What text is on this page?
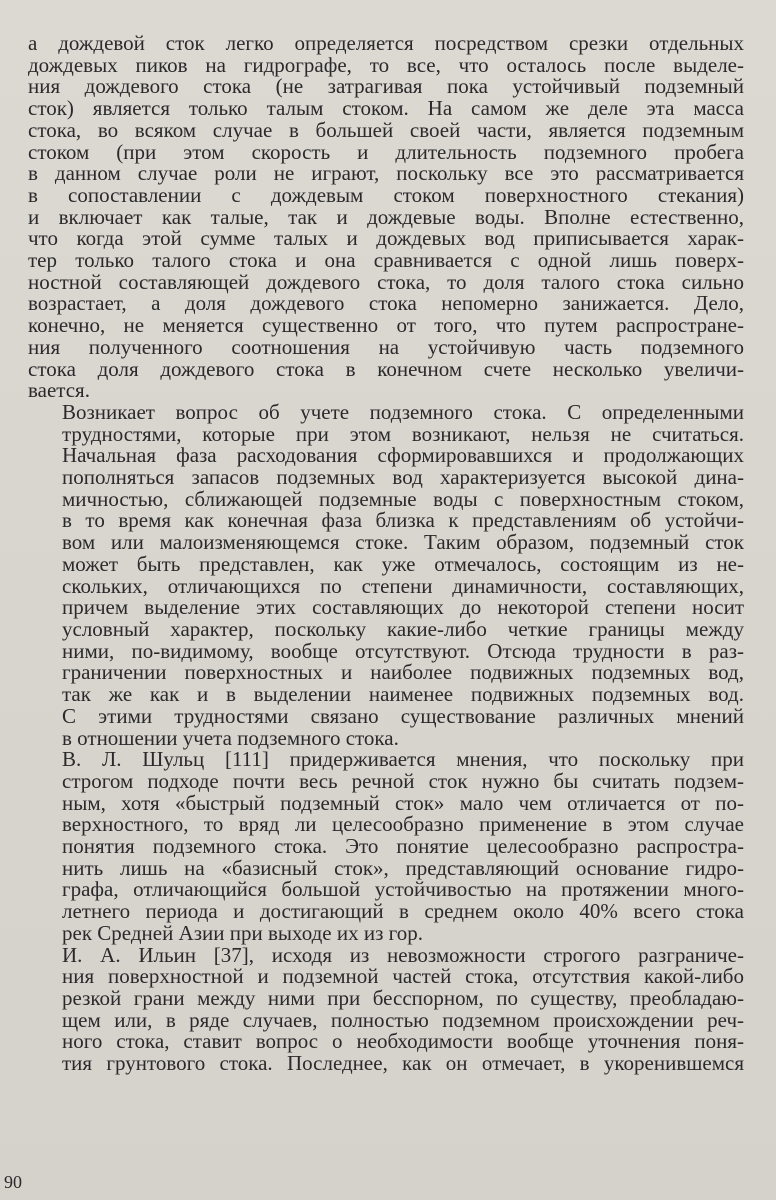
а дождевой сток легко определяется посредством срезки отдельных
дождевых пиков на гидрографе, то все, что осталось после выделе-
ния дождевого стока (не затрагивая пока устойчивый подземный
сток) является только талым стоком. На самом же деле эта масса
стока, во всяком случае в большей своей части, является подземным
стоком (при этом скорость и длительность подземного пробега
в данном случае роли не играют, поскольку все это рассматривается
в сопоставлении с дождевым стоком поверхностного стекания)
и включает как талые, так и дождевые воды. Вполне естественно,
что когда этой сумме талых и дождевых вод приписывается харак-
тер только талого стока и она сравнивается с одной лишь поверх-
ностной составляющей дождевого стока, то доля талого стока сильно
возрастает, а доля дождевого стока непомерно занижается. Дело,
конечно, не меняется существенно от того, что путем распростране-
ния полученного соотношения на устойчивую часть подземного
стока доля дождевого стока в конечном счете несколько увеличи-
вается.

Возникает вопрос об учете подземного стока. С определенными
трудностями, которые при этом возникают, нельзя не считаться.
Начальная фаза расходования сформировавшихся и продолжающих
пополняться запасов подземных вод характеризуется высокой дина-
мичностью, сближающей подземные воды с поверхностным стоком,
в то время как конечная фаза близка к представлениям об устойчи-
вом или малоизменяющемся стоке. Таким образом, подземный сток
может быть представлен, как уже отмечалось, состоящим из не-
скольких, отличающихся по степени динамичности, составляющих,
причем выделение этих составляющих до некоторой степени носит
условный характер, поскольку какие-либо четкие границы между
ними, по-видимому, вообще отсутствуют. Отсюда трудности в раз-
граничении поверхностных и наиболее подвижных подземных вод,
так же как и в выделении наименее подвижных подземных вод.
С этими трудностями связано существование различных мнений
в отношении учета подземного стока.

В. Л. Шульц [111] придерживается мнения, что поскольку при
строгом подходе почти весь речной сток нужно бы считать подзем-
ным, хотя «быстрый подземный сток» мало чем отличается от по-
верхностного, то вряд ли целесообразно применение в этом случае
понятия подземного стока. Это понятие целесообразно распростра-
нить лишь на «базисный сток», представляющий основание гидро-
графа, отличающийся большой устойчивостью на протяжении много-
летнего периода и достигающий в среднем около 40% всего стока
рек Средней Азии при выходе их из гор.

И. А. Ильин [37], исходя из невозможности строгого разграниче-
ния поверхностной и подземной частей стока, отсутствия какой-либо
резкой грани между ними при бесспорном, по существу, преобладаю-
щем или, в ряде случаев, полностью подземном происхождении реч-
ного стока, ставит вопрос о необходимости вообще уточнения поня-
тия грунтового стока. Последнее, как он отмечает, в укоренившемся

90
